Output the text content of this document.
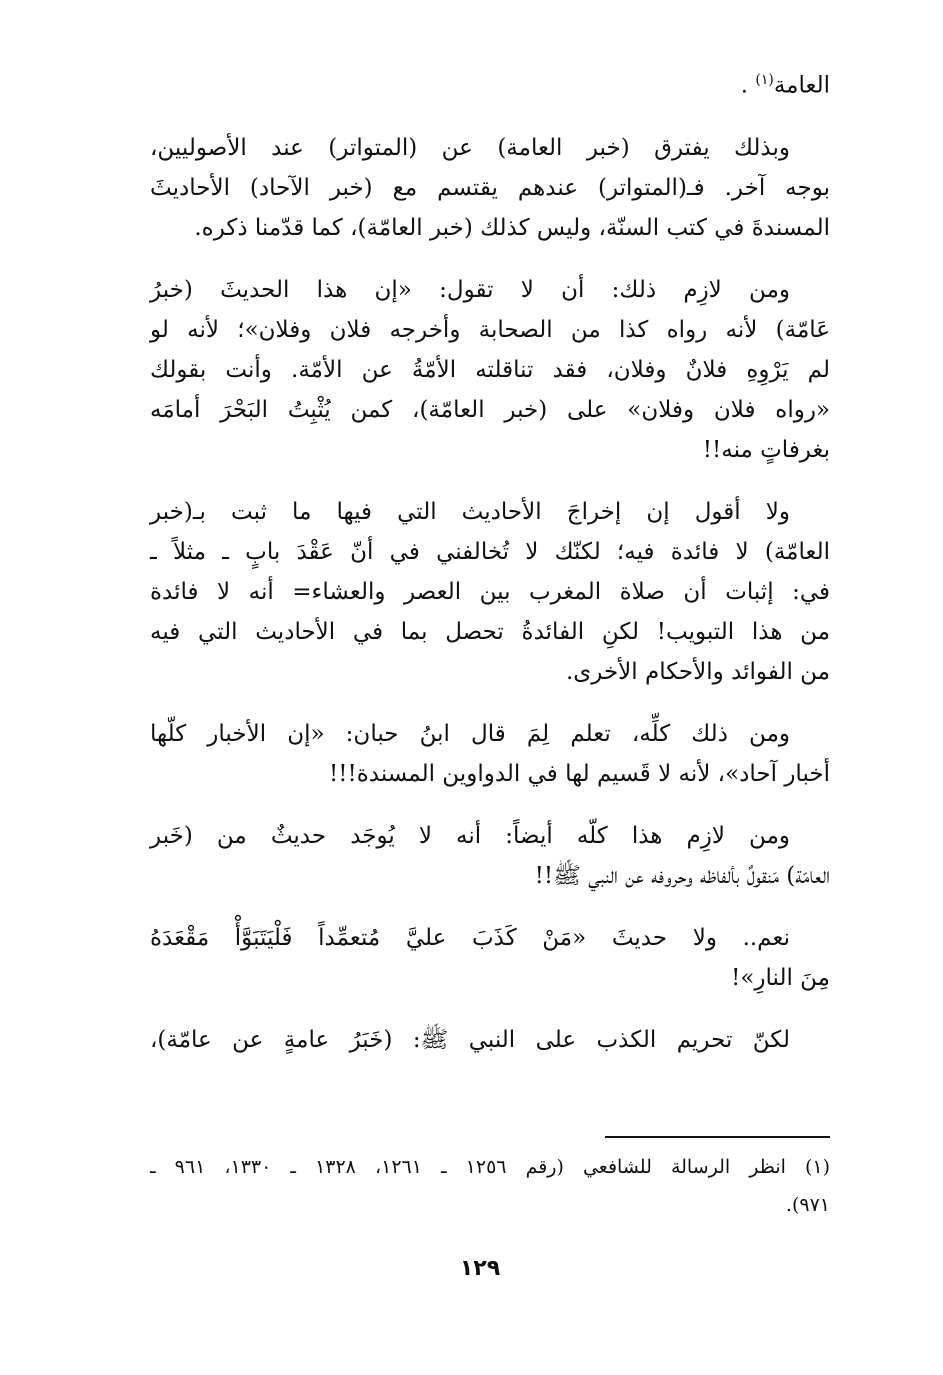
العامة$^{(١)}$ .
وبذلك يفترق (خبر العامة) عن (المتواتر) عند الأصوليين،
بوجه آخر. فـ(المتواتر) عندهم يقتسم مع (خبر الآحاد) الأحاديثَ
المسندةَ في كتب السنّة، وليس كذلك (خبر العامّة)، كما قدّمنا ذكره.
ومن لازِم ذلك: أن لا تقول: «إن هذا الحديثَ (خبرُ
عَامّة) لأنه رواه كذا من الصحابة وأخرجه فلان وفلان»؛ لأنه لو
لم يَرْوِهِ فلانٌ وفلان، فقد تناقلته الأمّةُ عن الأمّة. وأنت بقولك
«رواه فلان وفلان» على (خبر العامّة)، كمن يُثْبِتُ البَحْرَ أمامَه
بغرفاتٍ منه!!
ولا أقول إن إخراجَ الأحاديث التي فيها ما ثبت بـ(خبر
العامّة) لا فائدة فيه؛ لكنّك لا تُخالفني في أنّ عَقْدَ بابٍ ـ مثلاً ـ
في: إثبات أن صلاة المغرب بين العصر والعشاء= أنه لا فائدة
من هذا التبويب! لكنِ الفائدةُ تحصل بما في الأحاديث التي فيه
من الفوائد والأحكام الأخرى.
ومن ذلك كلِّه، تعلم لِمَ قال ابنُ حبان: «إن الأخبار كلّها
أخبار آحاد»، لأنه لا قَسيم لها في الدواوين المسندة!!!
ومن لازِم هذا كلّه أيضاً: أنه لا يُوجَد حديثٌ من (خَبر
العامّة) مَنقولٌ بألفاظه وحروفه عن النبي ﷺ!!
نعم.. ولا حديثَ «مَنْ كَذَبَ عليَّ مُتعمِّداً فَلْيَتَبَوَّأْ مَقْعَدَهُ
مِنَ النارِ»!
لكنّ تحريم الكذب على النبي ﷺ: (خَبَرُ عامةٍ عن عامّة)،
(١) انظر الرسالة للشافعي (رقم ١٢٥٦ ـ ١٢٦١، ١٣٢٨ ـ ١٣٣٠، ٩٦١ ـ
٩٧١).
١٢٩
